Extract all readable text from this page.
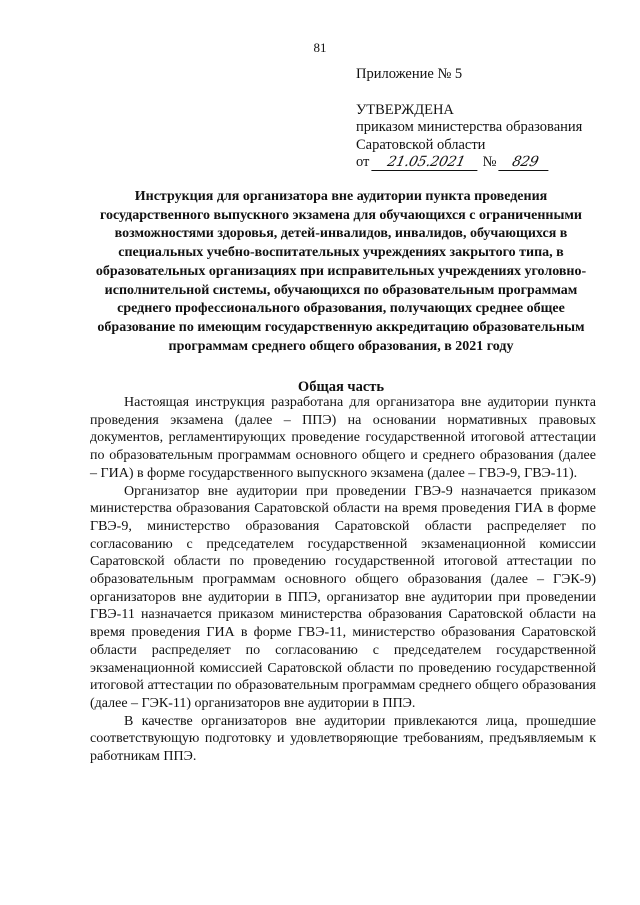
81
Приложение № 5
УТВЕРЖДЕНА
приказом министерства образования
Саратовской области
от 21.05.2021 № 829
Инструкция для организатора вне аудитории пункта проведения государственного выпускного экзамена для обучающихся с ограниченными возможностями здоровья, детей-инвалидов, инвалидов, обучающихся в специальных учебно-воспитательных учреждениях закрытого типа, в образовательных организациях при исправительных учреждениях уголовно-исполнительной системы, обучающихся по образовательным программам среднего профессионального образования, получающих среднее общее образование по имеющим государственную аккредитацию образовательным программам среднего общего образования, в 2021 году
Общая часть

Настоящая инструкция разработана для организатора вне аудитории пункта проведения экзамена (далее – ППЭ) на основании нормативных правовых документов, регламентирующих проведение государственной итоговой аттестации по образовательным программам основного общего и среднего образования (далее – ГИА) в форме государственного выпускного экзамена (далее – ГВЭ-9, ГВЭ-11).

Организатор вне аудитории при проведении ГВЭ-9 назначается приказом министерства образования Саратовской области на время проведения ГИА в форме ГВЭ-9, министерство образования Саратовской области распределяет по согласованию с председателем государственной экзаменационной комиссии Саратовской области по проведению государственной итоговой аттестации по образовательным программам основного общего образования (далее – ГЭК-9) организаторов вне аудитории в ППЭ, организатор вне аудитории при проведении ГВЭ-11 назначается приказом министерства образования Саратовской области на время проведения ГИА в форме ГВЭ-11, министерство образования Саратовской области распределяет по согласованию с председателем государственной экзаменационной комиссией Саратовской области по проведению государственной итоговой аттестации по образовательным программам среднего общего образования (далее – ГЭК-11) организаторов вне аудитории в ППЭ.

В качестве организаторов вне аудитории привлекаются лица, прошедшие соответствующую подготовку и удовлетворяющие требованиям, предъявляемым к работникам ППЭ.
